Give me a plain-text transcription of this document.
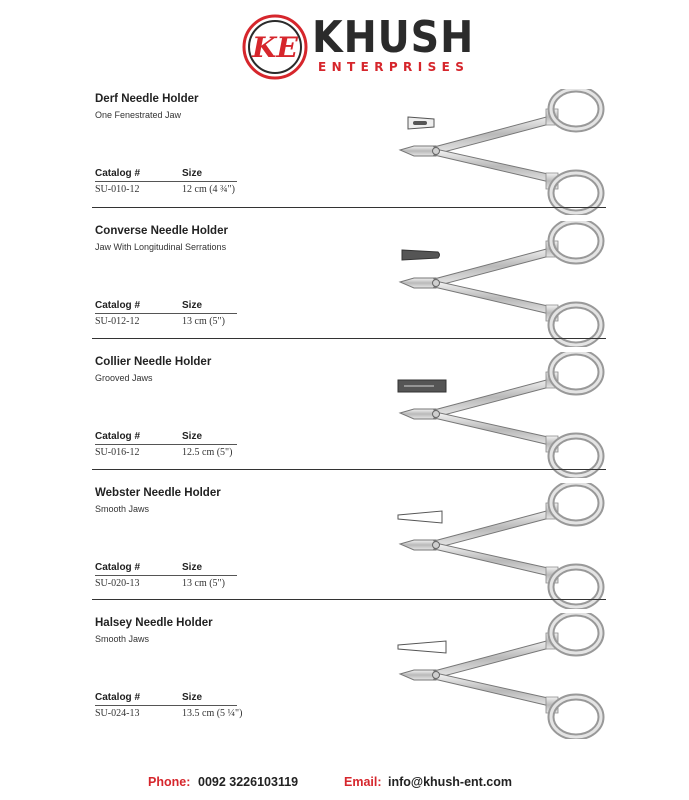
KE KHUSH
ENTERPRISES
Derf Needle Holder
One Fenestrated Jaw
Catalog #	Size
SU-010-12	12 cm (4 ¾")
Converse Needle Holder
Jaw With Longitudinal Serrations
Catalog #	Size
SU-012-12	13 cm (5")
Collier Needle Holder
Grooved Jaws
Catalog #	Size
SU-016-12	12.5 cm (5")
Webster Needle Holder
Smooth Jaws
Catalog #	Size
SU-020-13	13 cm (5")
Halsey Needle Holder
Smooth Jaws
Catalog #	Size
SU-024-13	13.5 cm (5 ¼")
Phone: 0092 3226103119	Email: info@khush-ent.com
